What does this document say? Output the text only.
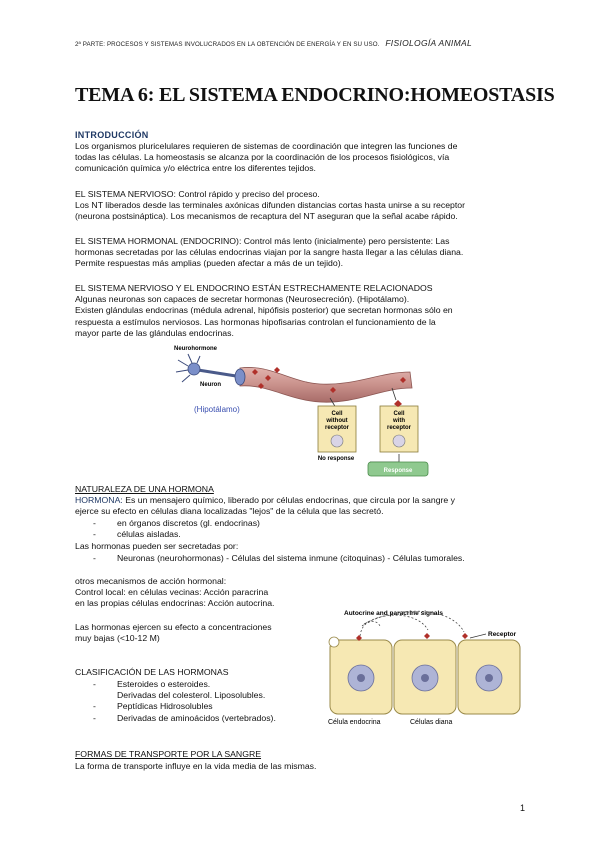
2ª PARTE: PROCESOS Y SISTEMAS INVOLUCRADOS EN LA OBTENCIÓN DE ENERGÍA Y EN SU USO. FISIOLOGÍA ANIMAL
TEMA 6: EL SISTEMA ENDOCRINO:HOMEOSTASIS
INTRODUCCIÓN
Los organismos pluricelulares requieren de sistemas de coordinación que integren las funciones de
todas las células. La homeostasis se alcanza por la coordinación de los procesos fisiológicos, vía
comunicación química y/o eléctrica entre los diferentes tejidos.
EL SISTEMA NERVIOSO: Control rápido y preciso del proceso.
Los NT liberados desde las terminales axónicas difunden distancias cortas hasta unirse a su receptor
(neurona postsináptica). Los mecanismos de recaptura del NT aseguran que la señal acabe rápido.
EL SISTEMA HORMONAL (ENDOCRINO): Control más lento (inicialmente) pero persistente: Las
hormonas secretadas por las células endocrinas viajan por la sangre hasta llegar a las células diana.
Permite respuestas más amplias (pueden afectar a más de un tejido).
EL SISTEMA NERVIOSO Y EL ENDOCRINO ESTÁN ESTRECHAMENTE RELACIONADOS
Algunas neuronas son capaces de secretar hormonas (Neurosecreción). (Hipotálamo).
Existen glándulas endocrinas (médula adrenal, hipófisis posterior) que secretan hormonas sólo en
respuesta a estímulos nerviosos. Las hormonas hipofisarias controlan el funcionamiento de la
mayor parte de las glándulas endocrinas.
Cell
without
receptor
Cell
with
receptor
Response
No response
Neurohormone
Neuron
(Hipotálamo)
NATURALEZA DE UNA HORMONA
HORMONA: Es un mensajero químico, liberado por células endocrinas, que circula por la sangre y
ejerce su efecto en células diana localizadas "lejos" de la célula que las secretó.
- en órganos discretos (gl. endocrinas)
- células aisladas.
Las hormonas pueden ser secretadas por:
- Neuronas (neurohormonas) - Células del sistema inmune (citoquinas) - Células tumorales.
otros mecanismos de acción hormonal:
Control local: en células vecinas: Acción paracrina
en las propias células endocrinas: Acción autocrina.
Las hormonas ejercen su efecto a concentraciones
muy bajas (<10-12 M)
Autocrine and paracrine signals
Receptor
Célula endocrina	Células diana
CLASIFICACIÓN DE LAS HORMONAS
- Esteroides o esteroides.
Derivadas del colesterol. Liposolubles.
- Peptídicas Hidrosolubles
- Derivadas de aminoácidos (vertebrados).
FORMAS DE TRANSPORTE POR LA SANGRE
La forma de transporte influye en la vida media de las mismas.
1
